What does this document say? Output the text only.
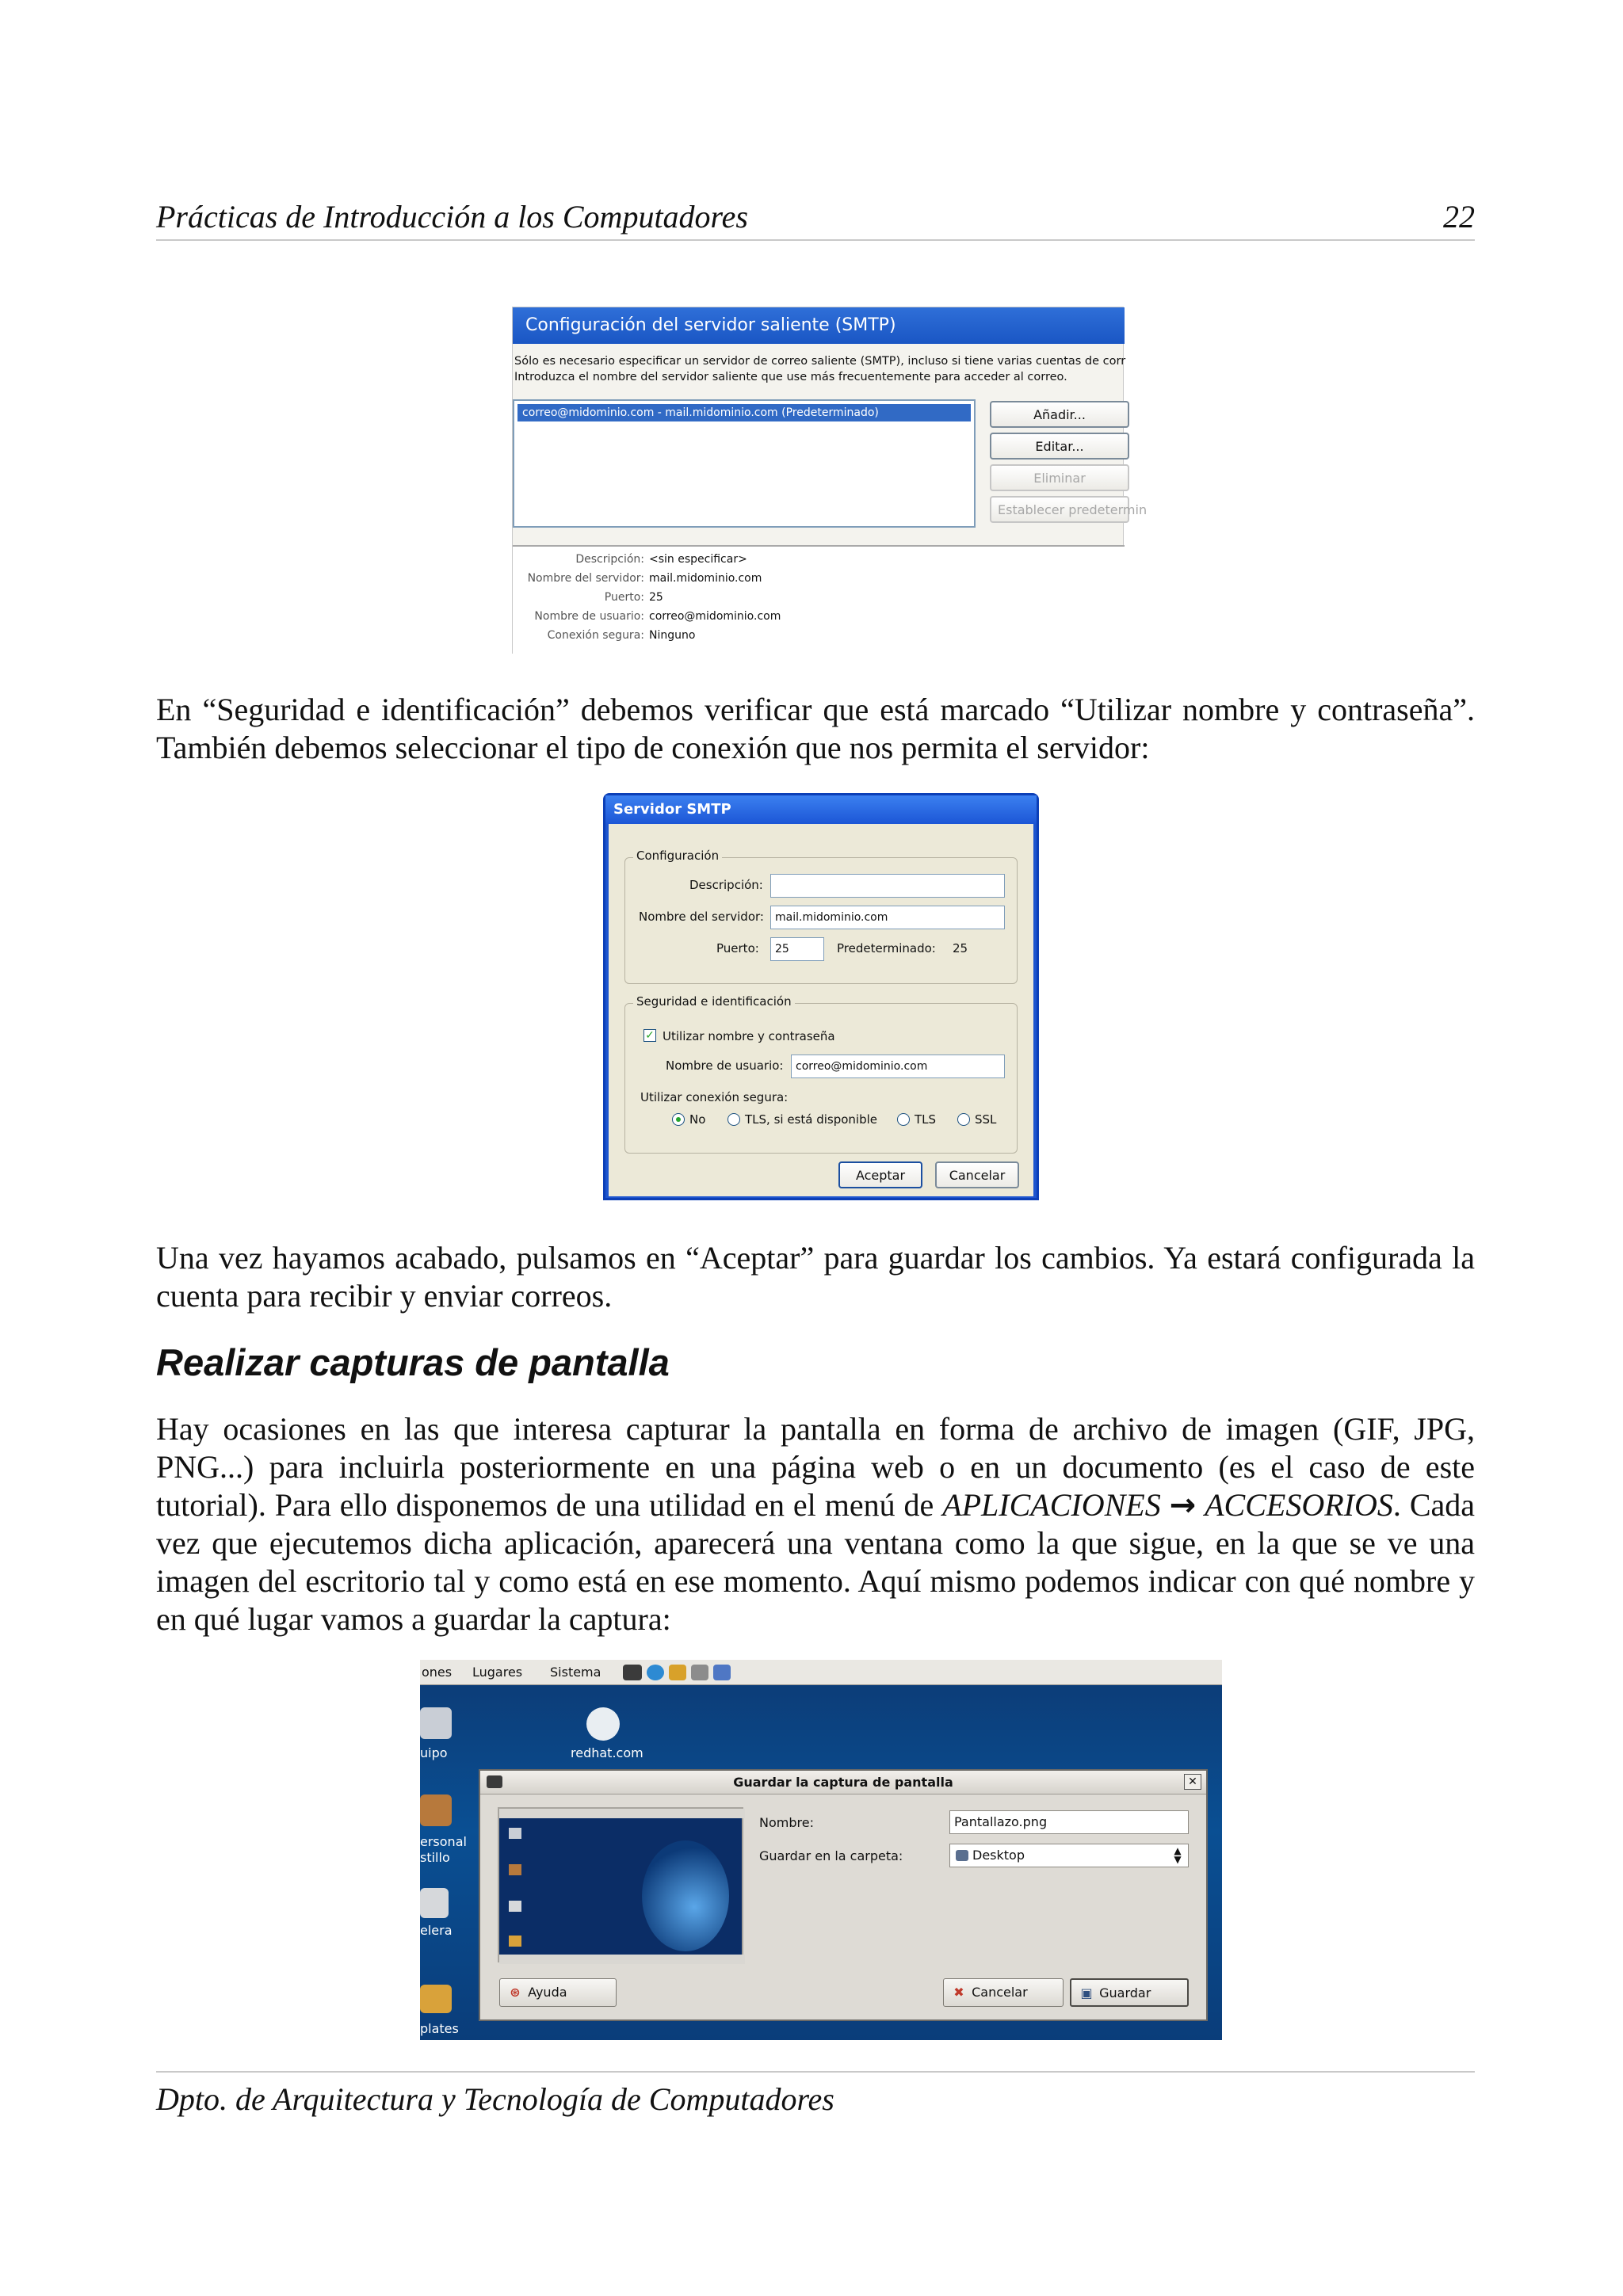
Prácticas de Introducción a los Computadores	22
Configuración del servidor saliente (SMTP)
Sólo es necesario especificar un servidor de correo saliente (SMTP), incluso si tiene varias cuentas de corr
Introduzca el nombre del servidor saliente que use más frecuentemente para acceder al correo.
correo@midominio.com - mail.midominio.com (Predeterminado)	Añadir...
Editar...
Eliminar
Establecer predetermin
Descripción: <sin especificar>
Nombre del servidor: mail.midominio.com
Puerto: 25
Nombre de usuario: correo@midominio.com
Conexión segura: Ninguno

En “Seguridad e identificación” debemos verificar que está marcado “Utilizar nombre y contraseña”. También debemos seleccionar el tipo de conexión que nos permita el servidor:

Servidor SMTP
Configuración
Descripción:
Nombre del servidor:	mail.midominio.com
Puerto:	25	Predeterminado: 25
Seguridad e identificación
✓ Utilizar nombre y contraseña
Nombre de usuario:	correo@midominio.com
Utilizar conexión segura:
No	TLS, si está disponible	TLS	SSL
Aceptar	Cancelar

Una vez hayamos acabado, pulsamos en “Aceptar” para guardar los cambios. Ya estará configurada la cuenta para recibir y enviar correos.

Realizar capturas de pantalla

Hay ocasiones en las que interesa capturar la pantalla en forma de archivo de imagen (GIF, JPG, PNG...) para incluirla posteriormente en una página web o en un documento (es el caso de este tutorial). Para ello disponemos de una utilidad en el menú de APLICACIONES → ACCESORIOS. Cada vez que ejecutemos dicha aplicación, aparecerá una ventana como la que sigue, en la que se ve una imagen del escritorio tal y como está en ese momento. Aquí mismo podemos indicar con qué nombre y en qué lugar vamos a guardar la captura:

ones Lugares Sistema
uipo	redhat.com
ersonal
stillo
elera
plates
Guardar la captura de pantalla	✕
Nombre:	Pantallazo.png
Guardar en la carpeta:	Desktop	▲
▼
⊛ Ayuda	✖ Cancelar	▣ Guardar
Dpto. de Arquitectura y Tecnología de Computadores
